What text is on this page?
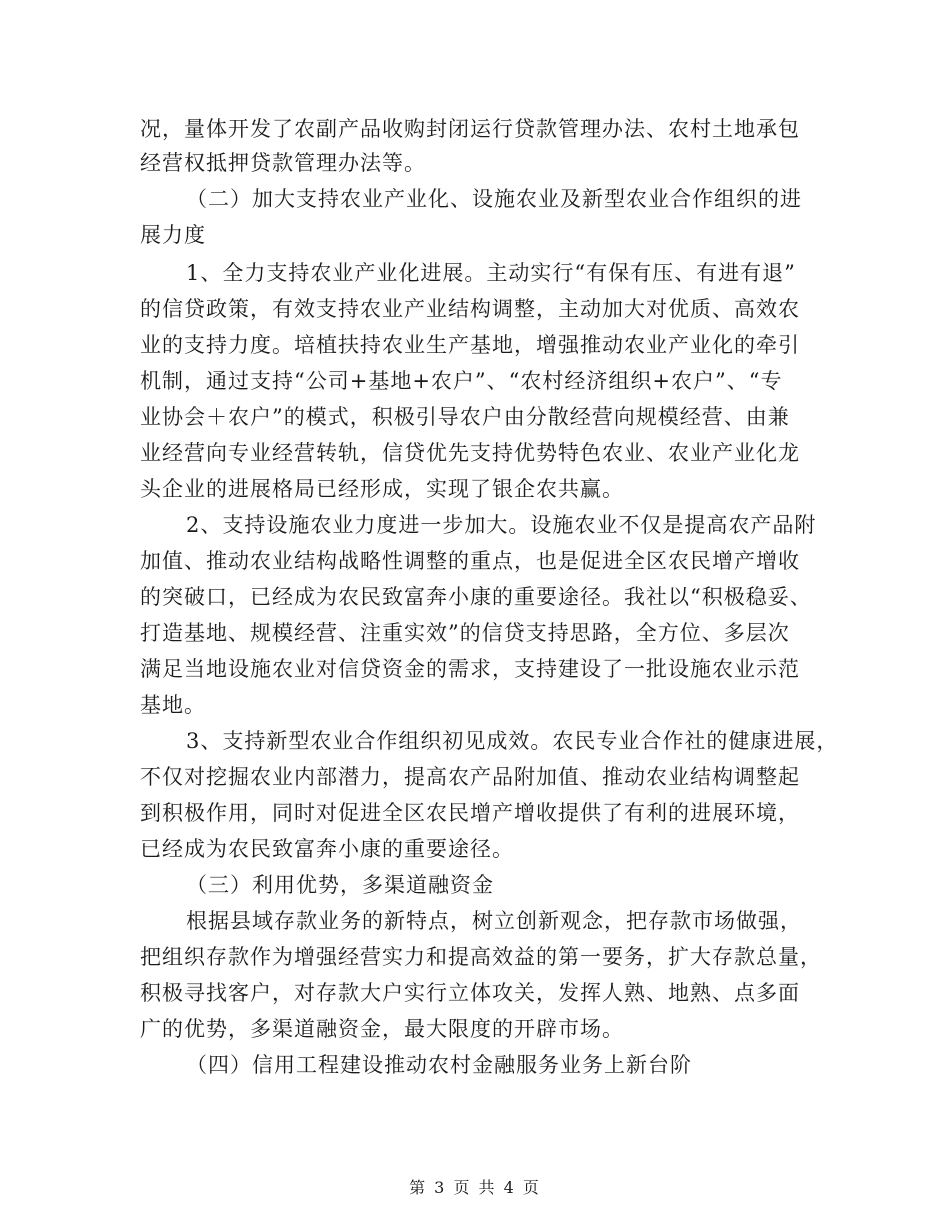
况，量体开发了农副产品收购封闭运行贷款管理办法、农村土地承包
经营权抵押贷款管理办法等。
（二）加大支持农业产业化、设施农业及新型农业合作组织的进
展力度
1、全力支持农业产业化进展。主动实行“有保有压、有进有退”
的信贷政策，有效支持农业产业结构调整，主动加大对优质、高效农
业的支持力度。培植扶持农业生产基地，增强推动农业产业化的牵引
机制，通过支持“公司+基地+农户”、“农村经济组织+农户”、“专
业协会＋农户”的模式，积极引导农户由分散经营向规模经营、由兼
业经营向专业经营转轨，信贷优先支持优势特色农业、农业产业化龙
头企业的进展格局已经形成，实现了银企农共赢。
2、支持设施农业力度进一步加大。设施农业不仅是提高农产品附
加值、推动农业结构战略性调整的重点，也是促进全区农民增产增收
的突破口，已经成为农民致富奔小康的重要途径。我社以“积极稳妥、
打造基地、规模经营、注重实效”的信贷支持思路，全方位、多层次
满足当地设施农业对信贷资金的需求，支持建设了一批设施农业示范
基地。
3、支持新型农业合作组织初见成效。农民专业合作社的健康进展，
不仅对挖掘农业内部潜力，提高农产品附加值、推动农业结构调整起
到积极作用，同时对促进全区农民增产增收提供了有利的进展环境，
已经成为农民致富奔小康的重要途径。
（三）利用优势，多渠道融资金
根据县域存款业务的新特点，树立创新观念，把存款市场做强，
把组织存款作为增强经营实力和提高效益的第一要务，扩大存款总量，
积极寻找客户，对存款大户实行立体攻关，发挥人熟、地熟、点多面
广的优势，多渠道融资金，最大限度的开辟市场。
（四）信用工程建设推动农村金融服务业务上新台阶
第 3 页 共 4 页
